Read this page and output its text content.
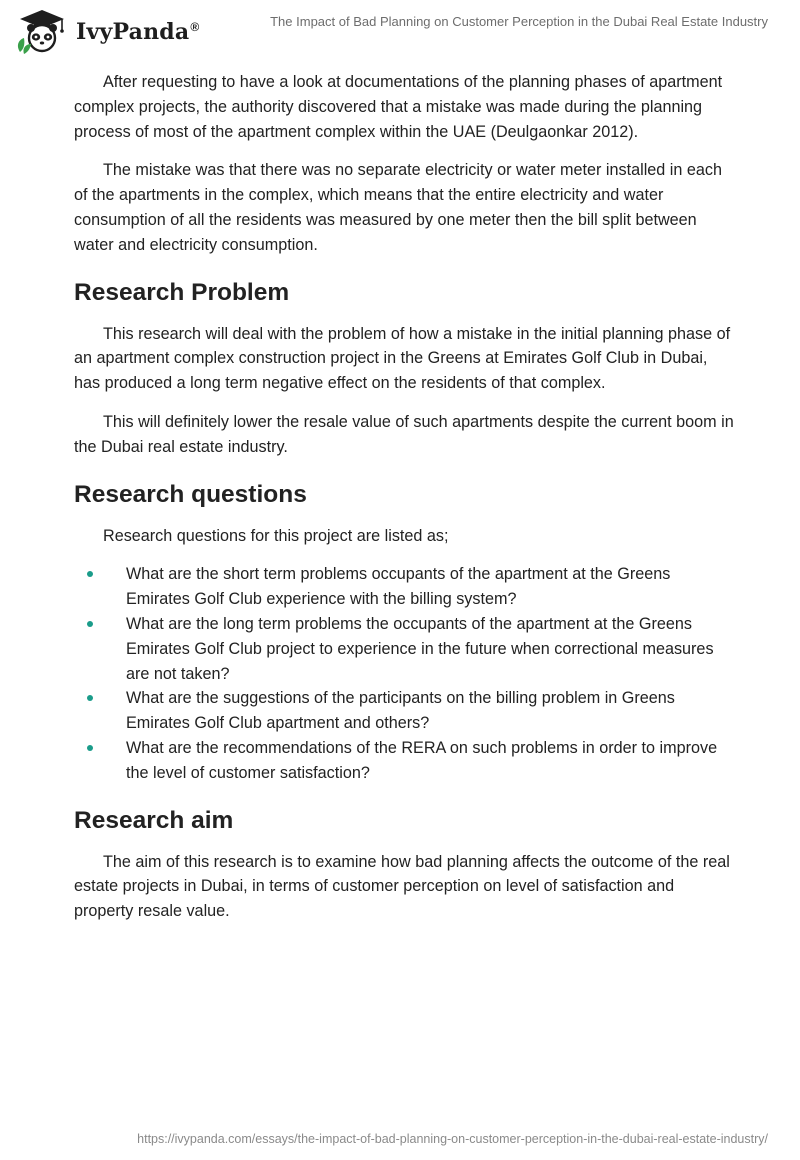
IvyPanda®	The Impact of Bad Planning on Customer Perception in the Dubai Real Estate Industry

After requesting to have a look at documentations of the planning phases of apartment complex projects, the authority discovered that a mistake was made during the planning process of most of the apartment complex within the UAE (Deulgaonkar 2012).

The mistake was that there was no separate electricity or water meter installed in each of the apartments in the complex, which means that the entire electricity and water consumption of all the residents was measured by one meter then the bill split between water and electricity consumption.

Research Problem

This research will deal with the problem of how a mistake in the initial planning phase of an apartment complex construction project in the Greens at Emirates Golf Club in Dubai, has produced a long term negative effect on the residents of that complex.

This will definitely lower the resale value of such apartments despite the current boom in the Dubai real estate industry.

Research questions

Research questions for this project are listed as;

What are the short term problems occupants of the apartment at the Greens Emirates Golf Club experience with the billing system?
What are the long term problems the occupants of the apartment at the Greens Emirates Golf Club project to experience in the future when correctional measures are not taken?
What are the suggestions of the participants on the billing problem in Greens Emirates Golf Club apartment and others?
What are the recommendations of the RERA on such problems in order to improve the level of customer satisfaction?
Research aim

The aim of this research is to examine how bad planning affects the outcome of the real estate projects in Dubai, in terms of customer perception on level of satisfaction and property resale value.

https://ivypanda.com/essays/the-impact-of-bad-planning-on-customer-perception-in-the-dubai-real-estate-industry/
